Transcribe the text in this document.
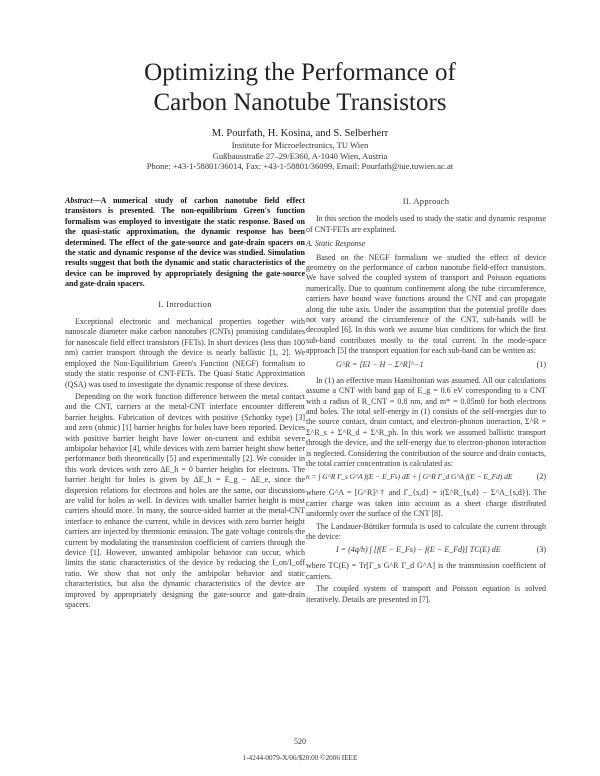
Optimizing the Performance of
Carbon Nanotube Transistors
M. Pourfath, H. Kosina, and S. Selberherr
Institute for Microelectronics, TU Wien
Gußhausstraße 27–29/E360, A-1040 Wien, Austria
Phone: +43-1-58801/36014, Fax: +43-1-58801/36099, Email: Pourfath@iue.tuwien.ac.at

Abstract—A numerical study of carbon nanotube field effect transistors is presented. The non-equilibrium Green's function formalism was employed to investigate the static response. Based on the quasi-static approximation, the dynamic response has been determined. The effect of the gate-source and gate-drain spacers on the static and dynamic response of the device was studied. Simulation results suggest that both the dynamic and static characteristics of the device can be improved by appropriately designing the gate-source and gate-drain spacers.

I. Introduction

Exceptional electronic and mechanical properties together with nanoscale diameter make carbon nanotubes (CNTs) promising candidates for nanoscale field effect transistors (FETs). In short devices (less than 100 nm) carrier transport through the device is nearly ballistic [1, 2]. We employed the Non-Equilibrium Green's Function (NEGF) formalism to study the static response of CNT-FETs. The Quasi Static Approximation (QSA) was used to investigate the dynamic response of these devices.

Depending on the work function difference between the metal contact and the CNT, carriers at the metal-CNT interface encounter different barrier heights. Fabrication of devices with positive (Schottky type) [3] and zero (ohmic) [1] barrier heights for holes have been reported. Devices with positive barrier height have lower on-current and exhibit severe ambipolar behavior [4], while devices with zero barrier height show better performance both theoretically [5] and experimentally [2]. We consider in this work devices with zero ΔE_h = 0 barrier heights for electrons. The barrier height for holes is given by ΔE_h = E_g − ΔE_e, since the dispersion relations for electrons and holes are the same, our discussions are valid for holes as well. In devices with smaller barrier height is most carriers should more. In many, the source-sided barrier at the metal-CNT interface to enhance the current, while in devices with zero barrier height carriers are injected by thermionic emission. The gate voltage controls the current by modulating the transmission coefficient of carriers through the device [1]. However, unwanted ambipolar behavior can occur, which limits the static characteristics of the device by reducing the I_on/I_off ratio. We show that not only the ambipolar behavior and static characteristics, but also the dynamic characteristics of the device are improved by appropriately designing the gate-source and gate-drain spacers.

II. Approach

In this section the models used to study the static and dynamic response of CNT-FETs are explained.

A. Static Response

Based on the NEGF formalism we studied the effect of device geometry on the performance of carbon nanotube field-effect transistors. We have solved the coupled system of transport and Poisson equations numerically. Due to quantum confinement along the tube circumference, carriers have bound wave functions around the CNT and can propagate along the tube axis. Under the assumption that the potential profile does not vary around the circumference of the CNT, sub-bands will be decoupled [6]. In this work we assume bias conditions for which the first sub-band contributes mostly to the total current. In the mode-space approach [5] the transport equation for each sub-band can be written as:

G^R = [EI − H − Σ^R]^−1	(1)

In (1) an effective mass Hamiltonian was assumed. All our calculations assume a CNT with band gap of E_g = 0.6 eV corresponding to a CNT with a radius of R_CNT = 0.8 nm, and m* = 0.05m0 for both electrons and holes. The total self-energy in (1) consists of the self-energies due to the source contact, drain contact, and electron-phonon interaction, Σ^R = Σ^R_s + Σ^R_d + Σ^R_ph. In this work we assumed ballistic transport through the device, and the self-energy due to electron-phonon interaction is neglected. Considering the contribution of the source and drain contacts, the total carrier concentration is calculated as:

n = ∫ G^R Γ_s G^A f(E − E_Fs) dE + ∫ G^R Γ_d G^A f(E − E_Fd) dE	(2)

where G^A = [G^R]^† and Γ_{s,d} = i(Σ^R_{s,d} − Σ^A_{s,d}). The carrier charge was taken into account as a sheet charge distributed uniformly over the surface of the CNT [8].

The Landauer-Büttiker formula is used to calculate the current through the device:

I = (4q/h) ∫ [f(E − E_Fs) − f(E − E_Fd)] TC(E) dE	(3)

where TC(E) = Tr[Γ_s G^R Γ_d G^A] is the transmission coefficient of carriers.

The coupled system of transport and Poisson equation is solved iteratively. Details are presented in [7].

520
1-4244-0079-X/06/$20.00 ©2006 IEEE
